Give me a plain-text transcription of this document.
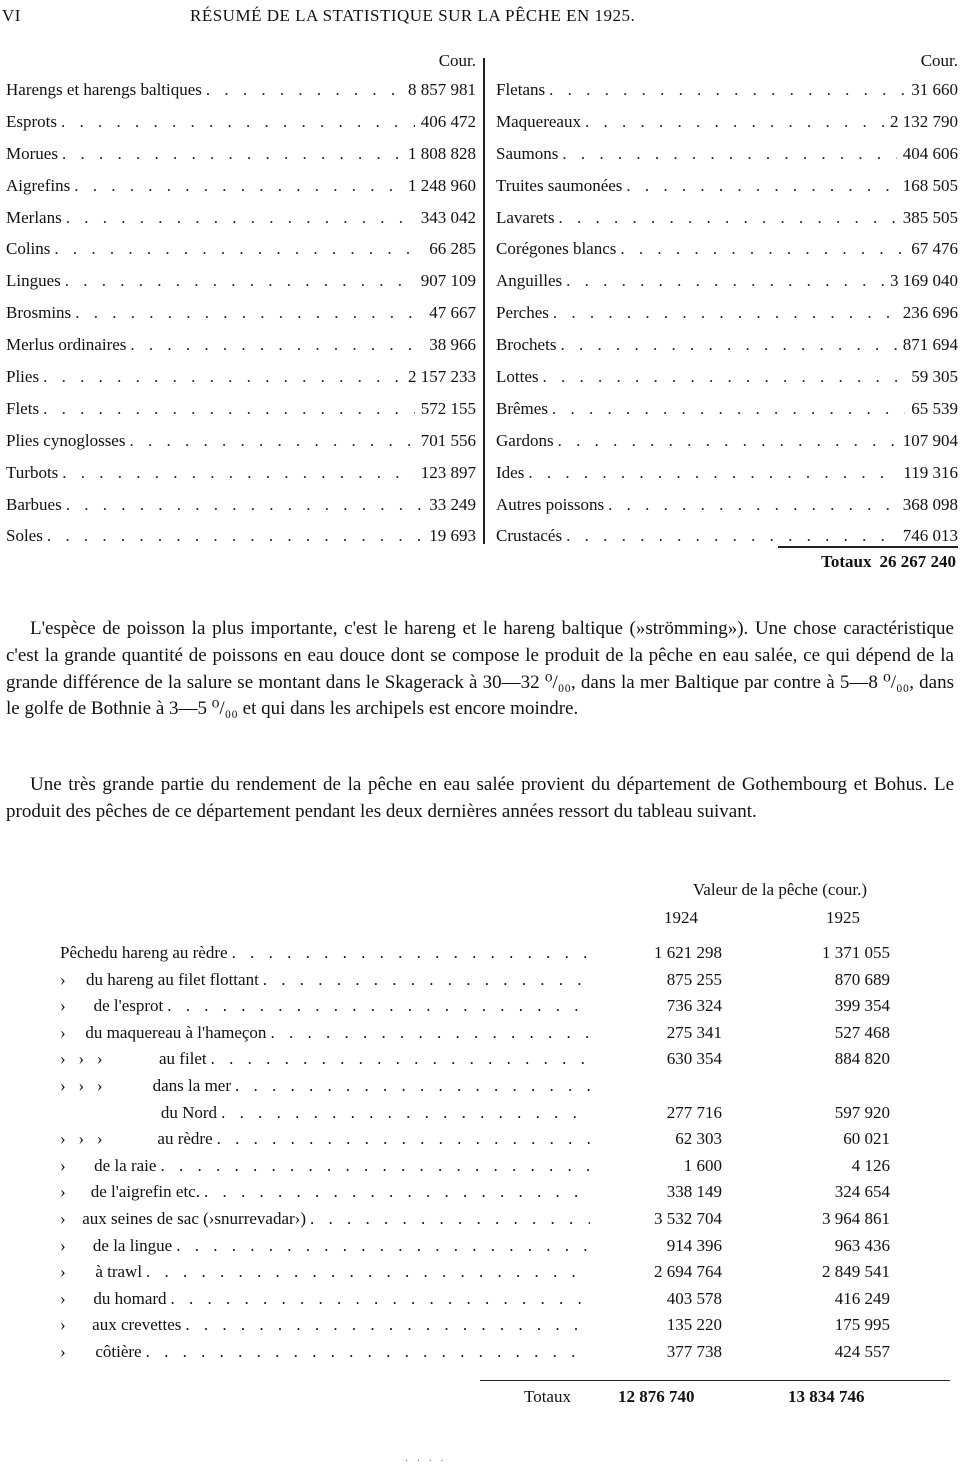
VI	RÉSUMÉ DE LA STATISTIQUE SUR LA PÊCHE EN 1925.
Cour.
Harengs et harengs baltiques . . .	8 857 981
Esprots . . .	406 472
Morues . . .	1 808 828
Aigrefins . . .	1 248 960
Merlans . . .	343 042
Colins . . .	66 285
Lingues . . .	907 109
Brosmins . . .	47 667
Merlus ordinaires . . .	38 966
Plies . . .	2 157 233
Flets . . .	572 155
Plies cynoglosses . . .	701 556
Turbots . . .	123 897
Barbues . . .	33 249
Soles . . .	19 693
Cour.
Fletans . . .	31 660
Maquereaux . . .	2 132 790
Saumons . . .	404 606
Truites saumonées . . .	168 505
Lavarets . . .	385 505
Corégones blancs . . .	67 476
Anguilles . . .	3 169 040
Perches . . .	236 696
Brochets . . .	871 694
Lottes . . .	59 305
Brêmes . . .	65 539
Gardons . . .	107 904
Ides . . .	119 316
Autres poissons . . .	368 098
Crustacés . . .	746 013
Totaux 26 267 240

L'espèce de poisson la plus importante, c'est le hareng et le hareng baltique (»strömming»). Une chose caractéristique c'est la grande quantité de poissons en eau douce dont se compose le produit de la pêche en eau salée, ce qui dépend de la grande différence de la salure se montant dans le Skagerack à 30—32 ⁰/₀₀, dans la mer Baltique par contre à 5—8 ⁰/₀₀, dans le golfe de Bothnie à 3—5 ⁰/₀₀ et qui dans les archipels est encore moindre.

Une très grande partie du rendement de la pêche en eau salée provient du département de Gothembourg et Bohus. Le produit des pêches de ce département pendant les deux dernières années ressort du tableau suivant.

Valeur de la pêche (cour.)
1924	1925
Pêche du hareng au rèdre . . .	1 621 298	1 371 055
›	du hareng au filet flottant . . .	875 255	870 689
›	de l'esprot . . .	736 324	399 354
›	du maquereau à l'hameçon . . .	275 341	527 468
›   ›   ›	au filet . . .	630 354	884 820
›   ›   ›	dans la mer
. . .
du Nord . . .	277 716	597 920
›   ›   ›	au rèdre . . .	62 303	60 021
›	de la raie . . .	1 600	4 126
›	de l'aigrefin etc. . . .	338 149	324 654
› aux seines de sac (›snurrevadar›) . . .	3 532 704	3 964 861
›	de la lingue . . .	914 396	963 436
›	à trawl . . .	2 694 764	2 849 541
›	du homard . . .	403 578	416 249
›	aux crevettes . . .	135 220	175 995
›	côtière . . .	377 738	424 557
Totaux	12 876 740	13 834 746
· · · ·
